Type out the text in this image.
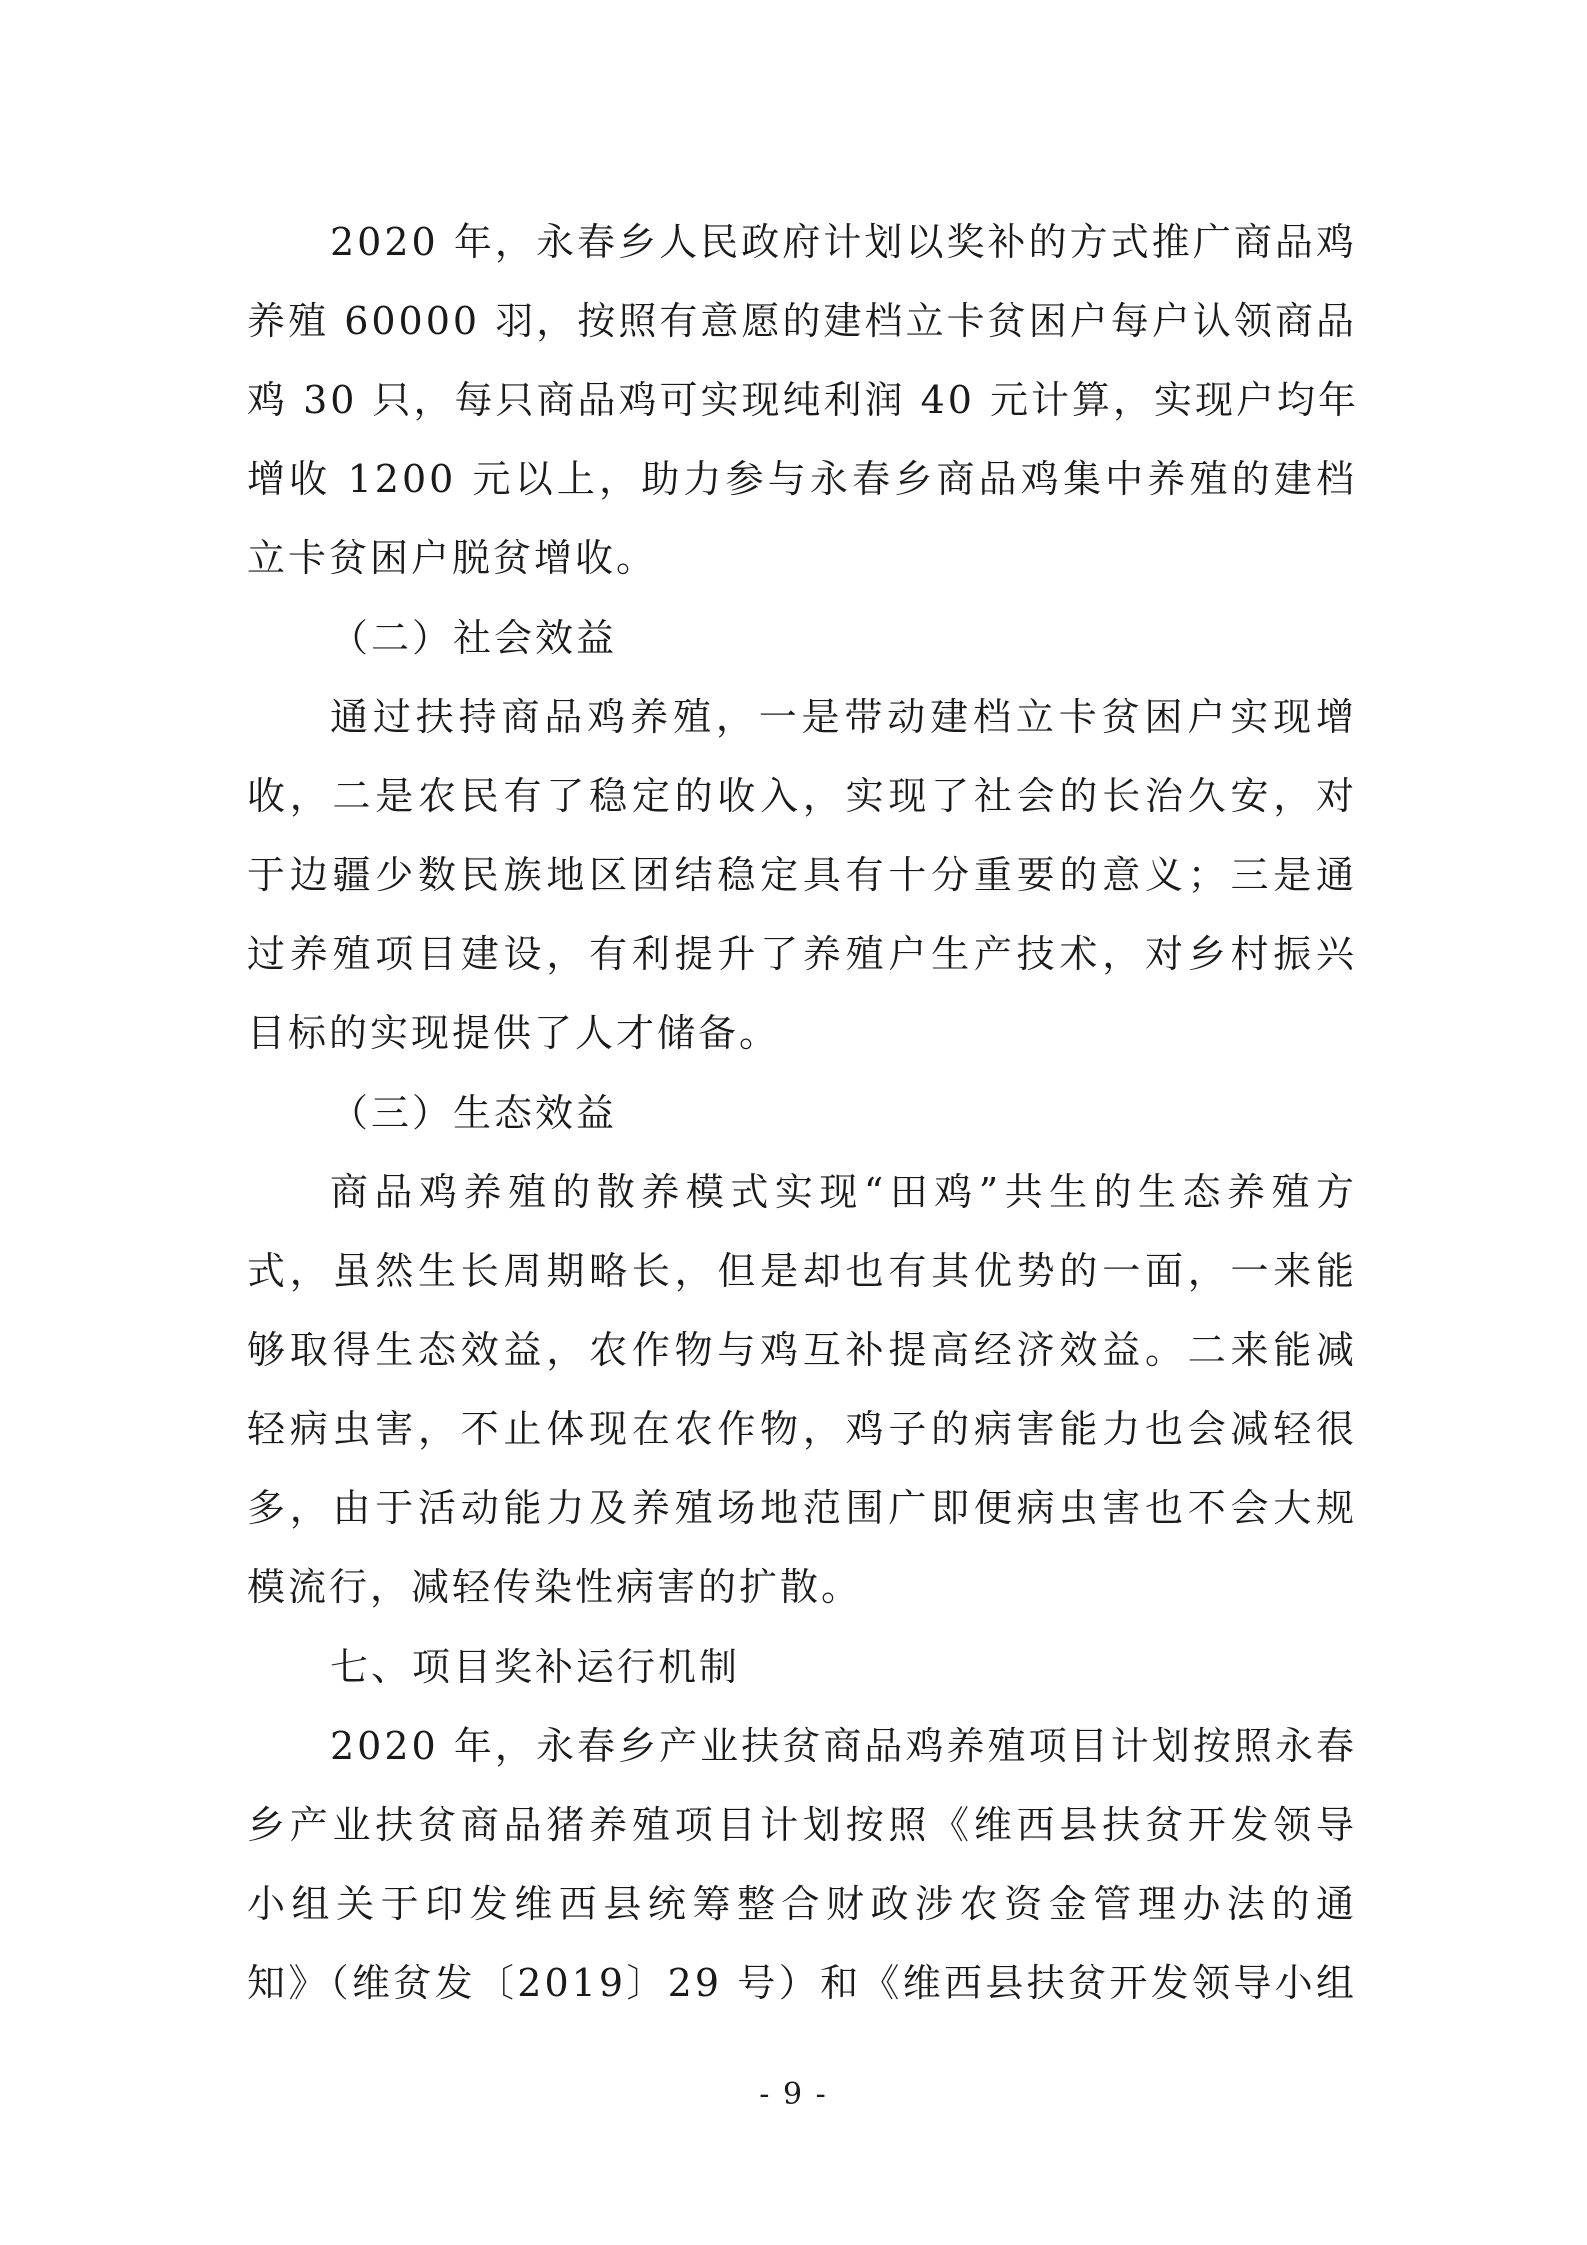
2020 年，永春乡人民政府计划以奖补的方式推广商品鸡
养殖 60000 羽，按照有意愿的建档立卡贫困户每户认领商品
鸡 30 只，每只商品鸡可实现纯利润 40 元计算，实现户均年
增收 1200 元以上，助力参与永春乡商品鸡集中养殖的建档
立卡贫困户脱贫增收。
（二）社会效益
通过扶持商品鸡养殖，一是带动建档立卡贫困户实现增
收，二是农民有了稳定的收入，实现了社会的长治久安，对
于边疆少数民族地区团结稳定具有十分重要的意义；三是通
过养殖项目建设，有利提升了养殖户生产技术，对乡村振兴
目标的实现提供了人才储备。
（三）生态效益
商品鸡养殖的散养模式实现“田鸡”共生的生态养殖方
式，虽然生长周期略长，但是却也有其优势的一面，一来能
够取得生态效益，农作物与鸡互补提高经济效益。二来能减
轻病虫害，不止体现在农作物，鸡子的病害能力也会减轻很
多，由于活动能力及养殖场地范围广即便病虫害也不会大规
模流行，减轻传染性病害的扩散。
七、项目奖补运行机制
2020 年，永春乡产业扶贫商品鸡养殖项目计划按照永春
乡产业扶贫商品猪养殖项目计划按照《维西县扶贫开发领导
小组关于印发维西县统筹整合财政涉农资金管理办法的通
知》（维贫发〔2019〕29 号）和《维西县扶贫开发领导小组
- 9 -
